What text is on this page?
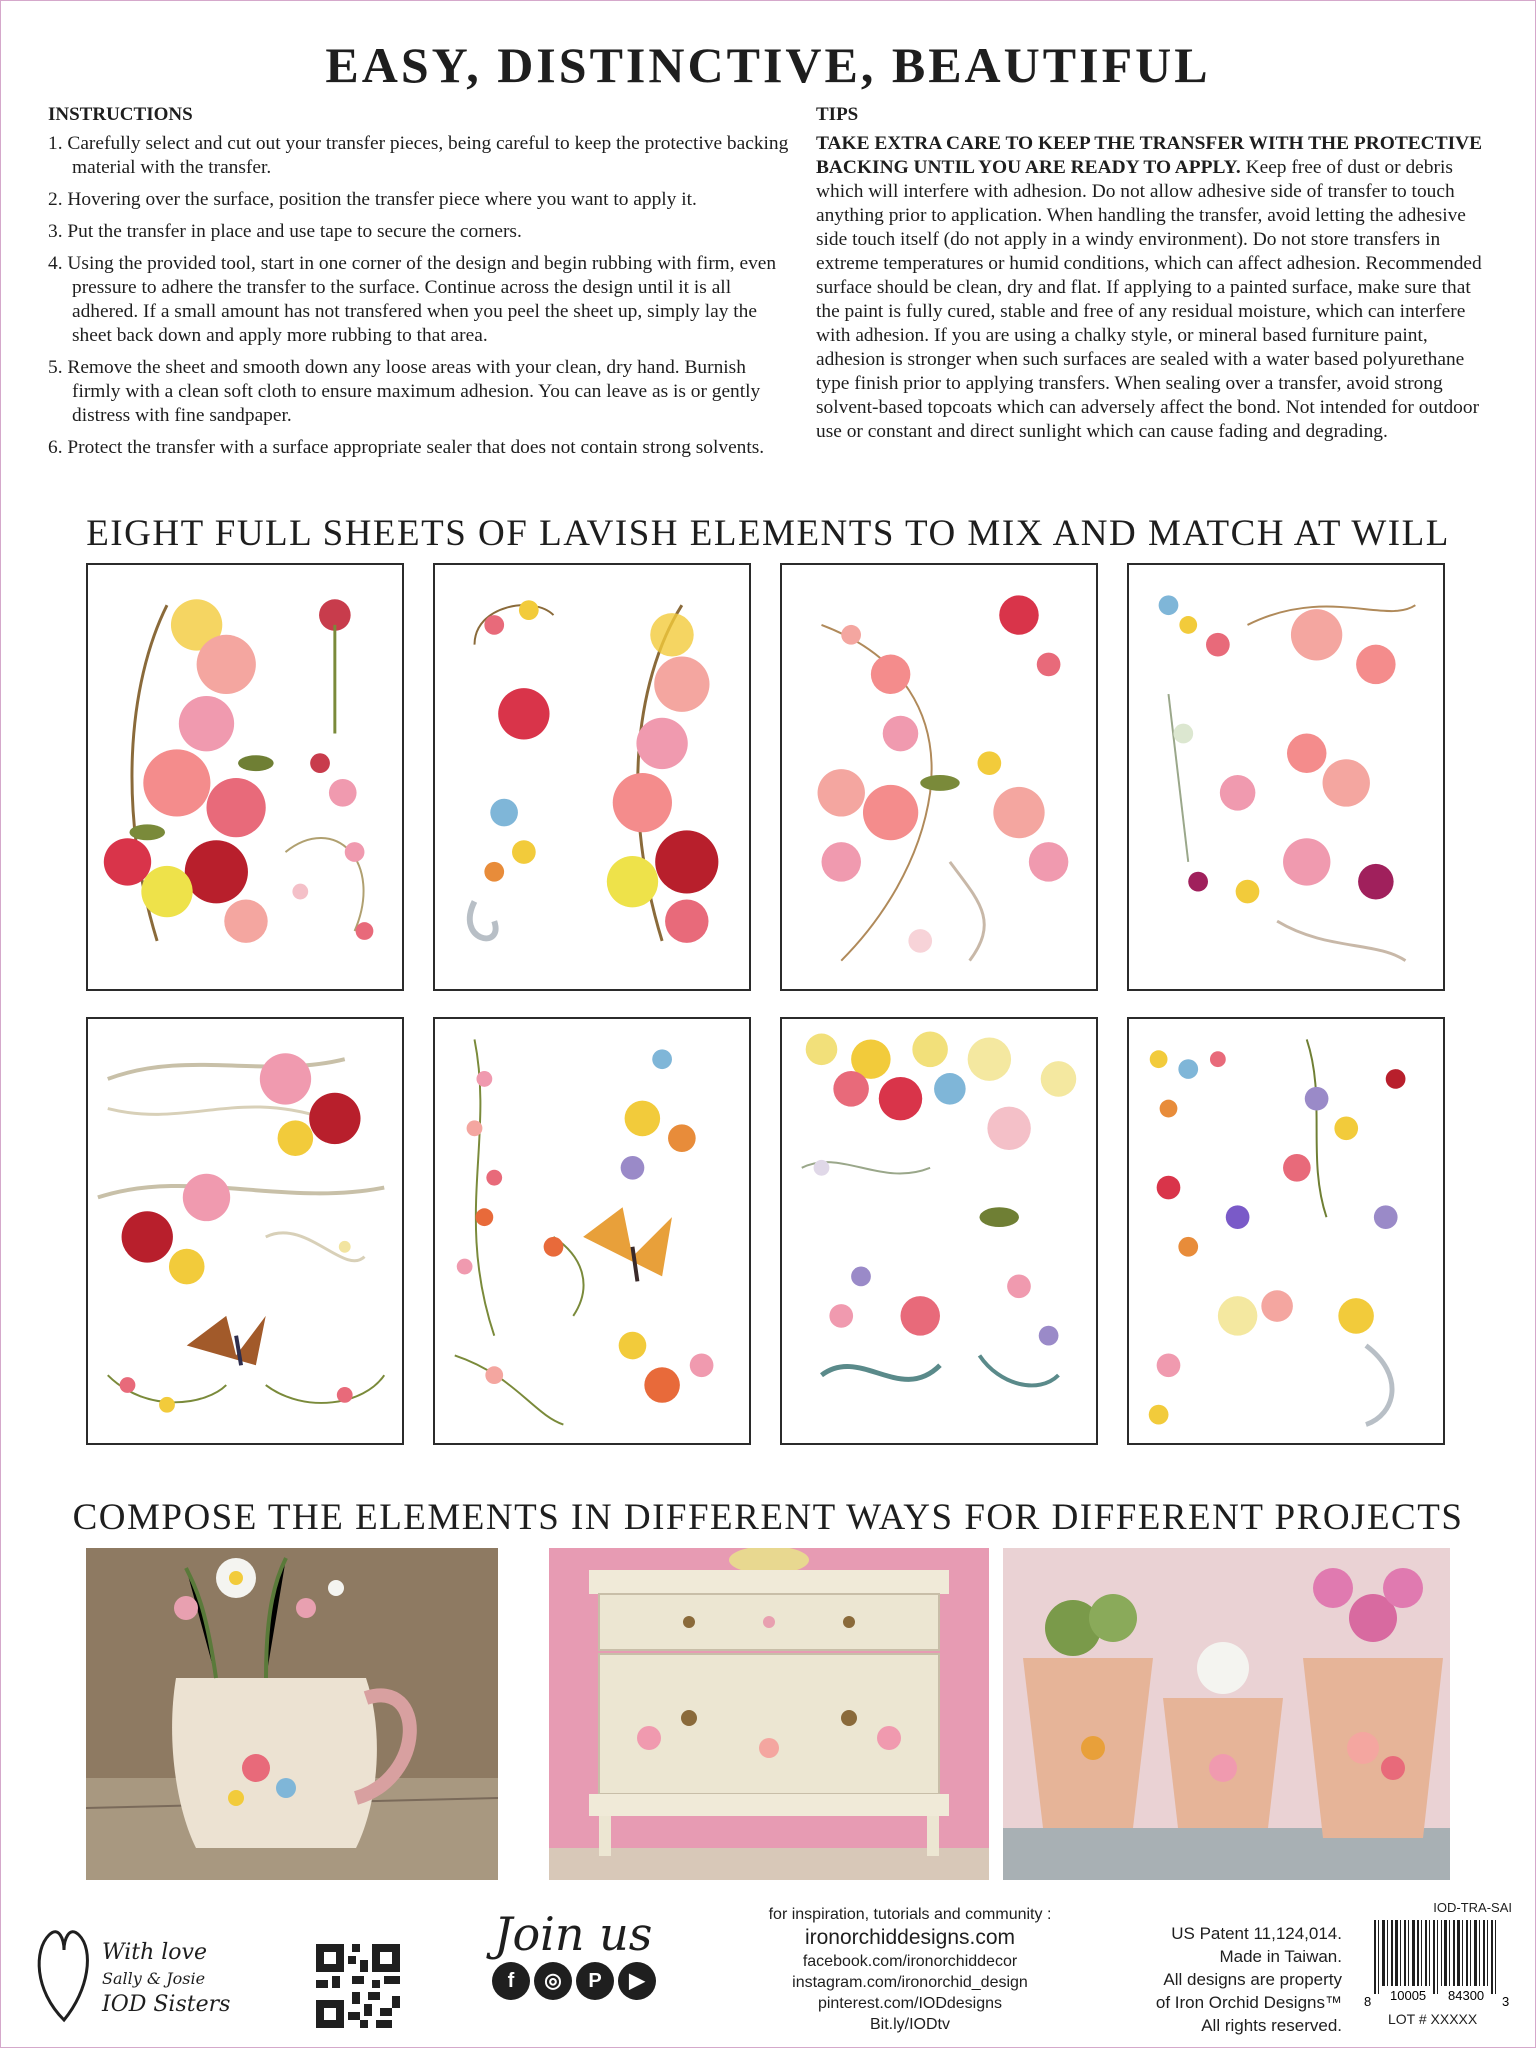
EASY, DISTINCTIVE, BEAUTIFUL
INSTRUCTIONS
1. Carefully select and cut out your transfer pieces, being careful to keep the protective backing material with the transfer.
2. Hovering over the surface, position the transfer piece where you want to apply it.
3. Put the transfer in place and use tape to secure the corners.
4. Using the provided tool, start in one corner of the design and begin rubbing with firm, even pressure to adhere the transfer to the surface. Continue across the design until it is all adhered. If a small amount has not transfered when you peel the sheet up, simply lay the sheet back down and apply more rubbing to that area.
5. Remove the sheet and smooth down any loose areas with your clean, dry hand. Burnish firmly with a clean soft cloth to ensure maximum adhesion. You can leave as is or gently distress with fine sandpaper.
6. Protect the transfer with a surface appropriate sealer that does not contain strong solvents.
TIPS

TAKE EXTRA CARE TO KEEP THE TRANSFER WITH THE PROTECTIVE BACKING UNTIL YOU ARE READY TO APPLY. Keep free of dust or debris which will interfere with adhesion. Do not allow adhesive side of transfer to touch anything prior to application. When handling the transfer, avoid letting the adhesive side touch itself (do not apply in a windy environment). Do not store transfers in extreme temperatures or humid conditions, which can affect adhesion. Recommended surface should be clean, dry and flat. If applying to a painted surface, make sure that the paint is fully cured, stable and free of any residual moisture, which can interfere with adhesion. If you are using a chalky style, or mineral based furniture paint, adhesion is stronger when such surfaces are sealed with a water based polyurethane type finish prior to applying transfers. When sealing over a transfer, avoid strong solvent-based topcoats which can adversely affect the bond. Not intended for outdoor use or constant and direct sunlight which can cause fading and degrading.

EIGHT FULL SHEETS OF LAVISH ELEMENTS TO MIX AND MATCH AT WILL
COMPOSE THE ELEMENTS IN DIFFERENT WAYS FOR DIFFERENT PROJECTS
With love
Sally & Josie
IOD Sisters
Join us
f ◎ P ▶
for inspiration, tutorials and community :
ironorchiddesigns.com
facebook.com/ironorchiddecor
instagram.com/ironorchid_design
pinterest.com/IODdesigns
Bit.ly/IODtv
US Patent 11,124,014.
Made in Taiwan.
All designs are property
of Iron Orchid Designs™
All rights reserved.
IOD-TRA-SAI
8 10005 84300 3
LOT # XXXXX
